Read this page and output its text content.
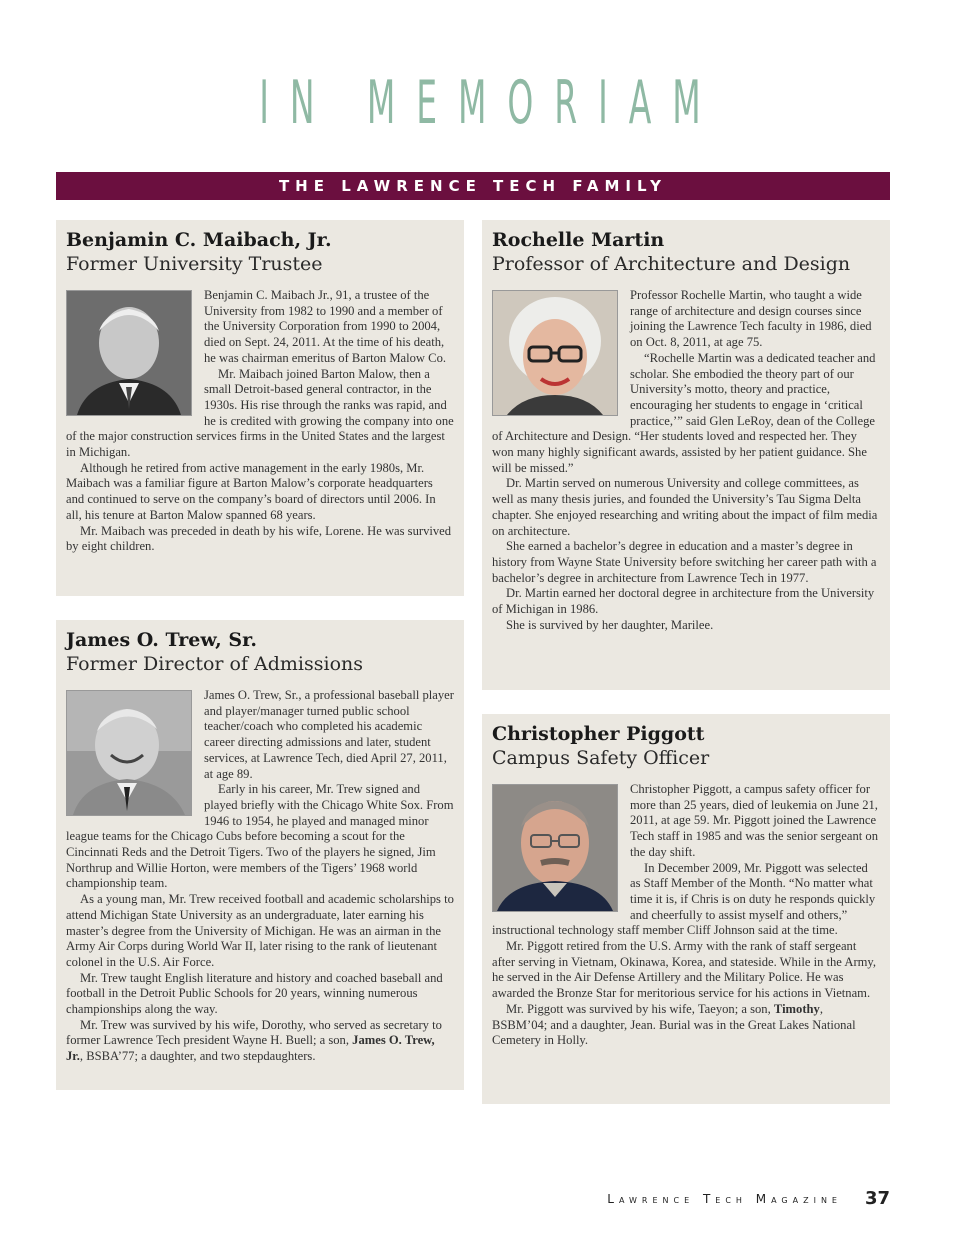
IN MEMORIAM
THE LAWRENCE TECH FAMILY
Benjamin C. Maibach, Jr.
Former University Trustee

Benjamin C. Maibach Jr., 91, a trustee of the University from 1982 to 1990 and a member of the University Corporation from 1990 to 2004, died on Sept. 24, 2011. At the time of his death, he was chairman emeritus of Barton Malow Co.

Mr. Maibach joined Barton Malow, then a small Detroit-based general contractor, in the 1930s. His rise through the ranks was rapid, and he is credited with growing the company into one of the major construction services firms in the United States and the largest in Michigan.

Although he retired from active management in the early 1980s, Mr. Maibach was a familiar figure at Barton Malow’s corporate headquarters and continued to serve on the company’s board of directors until 2006. In all, his tenure at Barton Malow spanned 68 years.

Mr. Maibach was preceded in death by his wife, Lorene. He was survived by eight children.

James O. Trew, Sr.
Former Director of Admissions

James O. Trew, Sr., a professional baseball player and player/manager turned public school teacher/coach who completed his academic career directing admissions and later, student services, at Lawrence Tech, died April 27, 2011, at age 89.

Early in his career, Mr. Trew signed and played briefly with the Chicago White Sox. From 1946 to 1954, he played and managed minor league teams for the Chicago Cubs before becoming a scout for the Cincinnati Reds and the Detroit Tigers. Two of the players he signed, Jim Northrup and Willie Horton, were members of the Tigers’ 1968 world championship team.

As a young man, Mr. Trew received football and academic scholarships to attend Michigan State University as an undergraduate, later earning his master’s degree from the University of Michigan. He was an airman in the Army Air Corps during World War II, later rising to the rank of lieutenant colonel in the U.S. Air Force.

Mr. Trew taught English literature and history and coached baseball and football in the Detroit Public Schools for 20 years, winning numerous championships along the way.

Mr. Trew was survived by his wife, Dorothy, who served as secretary to former Lawrence Tech president Wayne H. Buell; a son, James O. Trew, Jr., BSBA’77; a daughter, and two stepdaughters.

Rochelle Martin
Professor of Architecture and Design

Professor Rochelle Martin, who taught a wide range of architecture and design courses since joining the Lawrence Tech faculty in 1986, died on Oct. 8, 2011, at age 75.

“Rochelle Martin was a dedicated teacher and scholar. She embodied the theory part of our University’s motto, theory and practice, encouraging her students to engage in ‘critical practice,’” said Glen LeRoy, dean of the College of Architecture and Design. “Her students loved and respected her. They won many highly significant awards, assisted by her patient guidance. She will be missed.”

Dr. Martin served on numerous University and college committees, as well as many thesis juries, and founded the University’s Tau Sigma Delta chapter. She enjoyed researching and writing about the impact of film media on architecture.

She earned a bachelor’s degree in education and a master’s degree in history from Wayne State University before switching her career path with a bachelor’s degree in architecture from Lawrence Tech in 1977.

Dr. Martin earned her doctoral degree in architecture from the University of Michigan in 1986.

She is survived by her daughter, Marilee.

Christopher Piggott
Campus Safety Officer

Christopher Piggott, a campus safety officer for more than 25 years, died of leukemia on June 21, 2011, at age 59. Mr. Piggott joined the Lawrence Tech staff in 1985 and was the senior sergeant on the day shift.

In December 2009, Mr. Piggott was selected as Staff Member of the Month. “No matter what time it is, if Chris is on duty he responds quickly and cheerfully to assist myself and others,” instructional technology staff member Cliff Johnson said at the time.

Mr. Piggott retired from the U.S. Army with the rank of staff sergeant after serving in Vietnam, Okinawa, Korea, and stateside. While in the Army, he served in the Air Defense Artillery and the Military Police. He was awarded the Bronze Star for meritorious service for his actions in Vietnam.

Mr. Piggott was survived by his wife, Taeyon; a son, Timothy, BSBM’04; and a daughter, Jean. Burial was in the Great Lakes National Cemetery in Holly.

Lawrence Tech Magazine 37
